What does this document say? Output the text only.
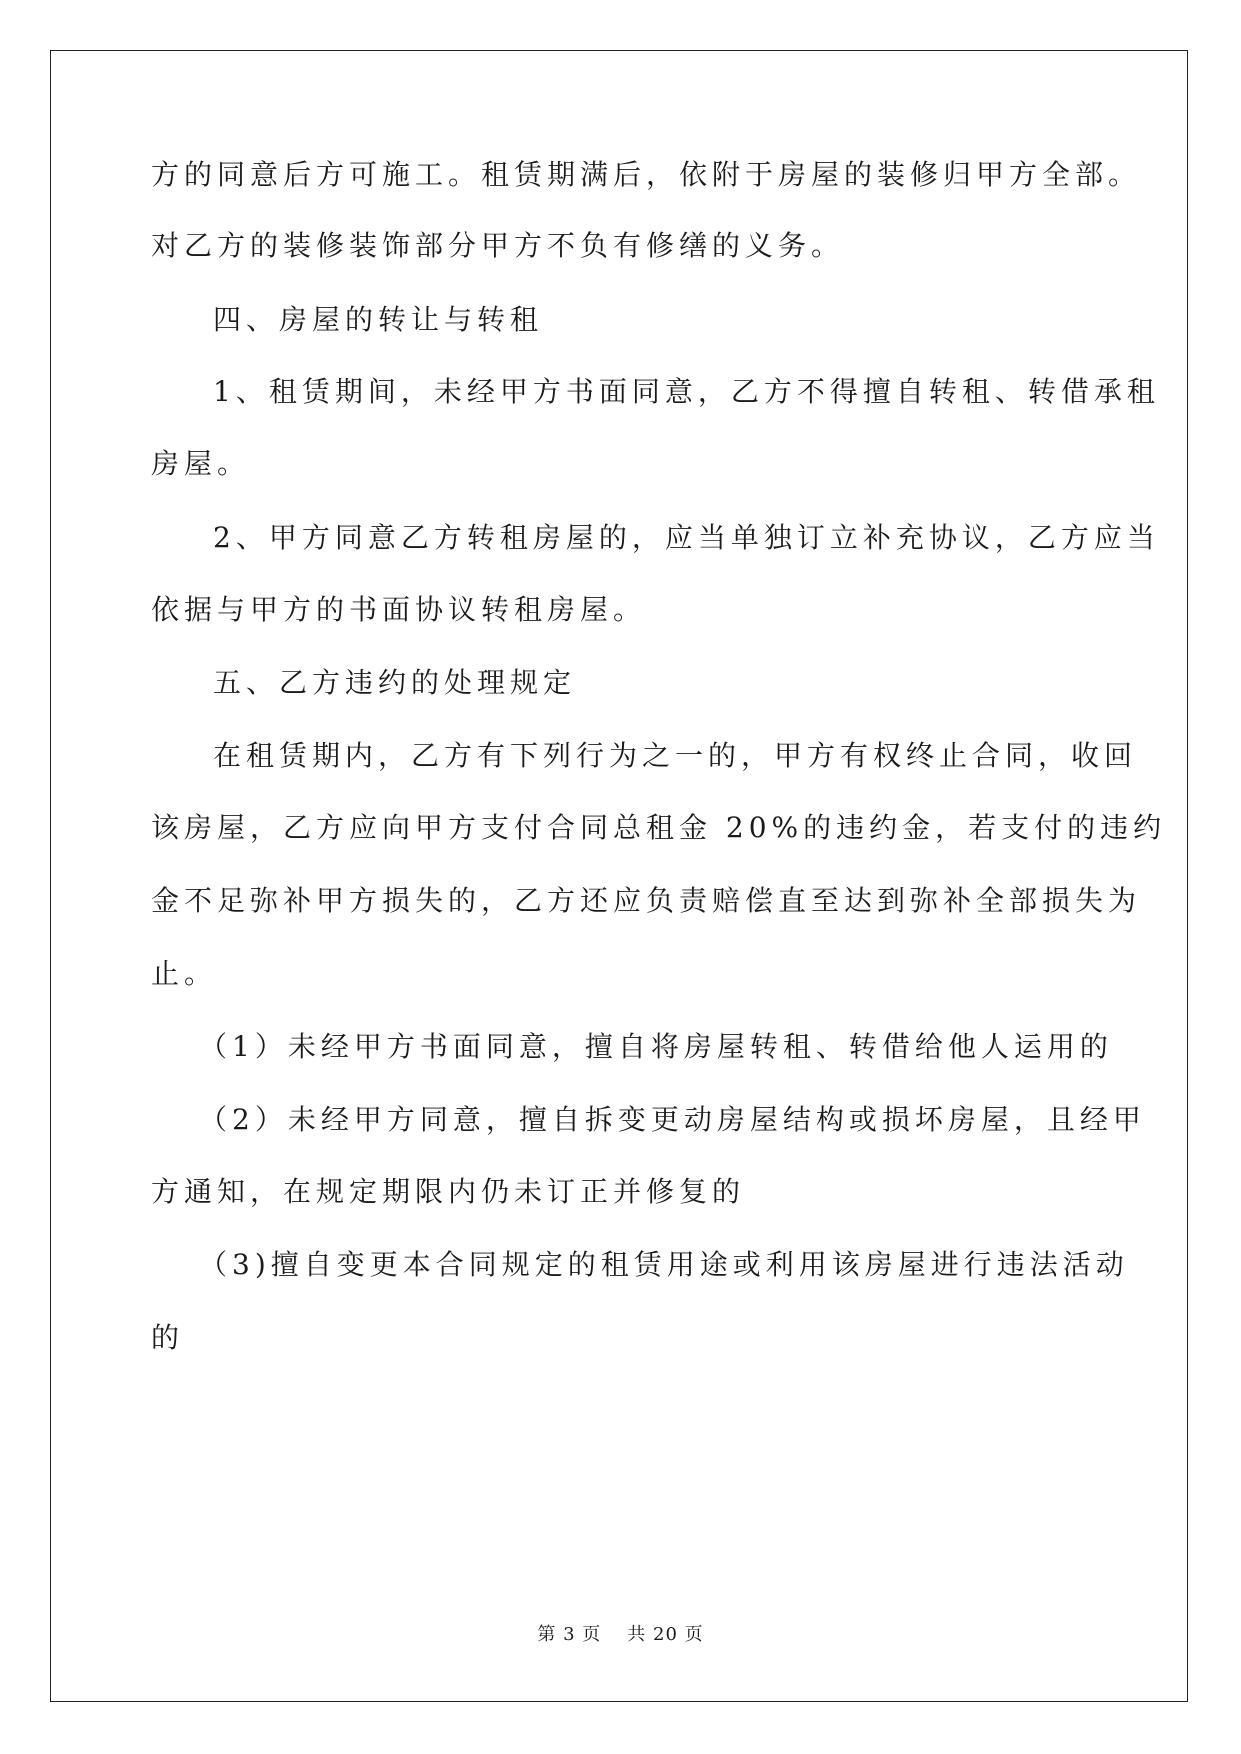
方的同意后方可施工。租赁期满后，依附于房屋的装修归甲方全部。
对乙方的装修装饰部分甲方不负有修缮的义务。
四、房屋的转让与转租
1、租赁期间，未经甲方书面同意，乙方不得擅自转租、转借承租
房屋。
2、甲方同意乙方转租房屋的，应当单独订立补充协议，乙方应当
依据与甲方的书面协议转租房屋。
五、乙方违约的处理规定
在租赁期内，乙方有下列行为之一的，甲方有权终止合同，收回
该房屋，乙方应向甲方支付合同总租金 20%的违约金，若支付的违约
金不足弥补甲方损失的，乙方还应负责赔偿直至达到弥补全部损失为
止。
（1）未经甲方书面同意，擅自将房屋转租、转借给他人运用的
（2）未经甲方同意，擅自拆变更动房屋结构或损坏房屋，且经甲
方通知，在规定期限内仍未订正并修复的
（3)擅自变更本合同规定的租赁用途或利用该房屋进行违法活动
的
第 3 页 共 20 页
